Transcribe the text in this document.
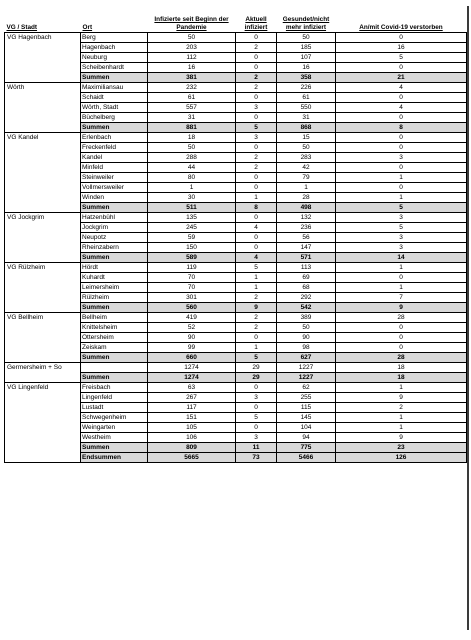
VG / Stadt	Ort	Infizierte seit Beginn der Pandemie	Aktuell infiziert	Gesundet/nicht mehr infiziert	An/mit Covid-19 verstorben
VG Hagenbach	Berg	50	0	50	0
	Hagenbach	203	2	185	16
	Neuburg	112	0	107	5
	Scheibenhardt	16	0	16	0
	Summen	381	2	358	21
Wörth	Maximiliansau	232	2	226	4
	Schaidt	61	0	61	0
	Wörth, Stadt	557	3	550	4
	Büchelberg	31	0	31	0
	Summen	881	5	868	8
VG Kandel	Erlenbach	18	3	15	0
	Freckenfeld	50	0	50	0
	Kandel	288	2	283	3
	Minfeld	44	2	42	0
	Steinweiler	80	0	79	1
	Vollmersweiler	1	0	1	0
	Winden	30	1	28	1
	Summen	511	8	498	5
VG Jockgrim	Hatzenbühl	135	0	132	3
	Jockgrim	245	4	236	5
	Neupotz	59	0	56	3
	Rheinzabern	150	0	147	3
	Summen	589	4	571	14
VG Rülzheim	Hördt	119	5	113	1
	Kuhardt	70	1	69	0
	Leimersheim	70	1	68	1
	Rülzheim	301	2	292	7
	Summen	560	9	542	9
VG Bellheim	Bellheim	419	2	389	28
	Knittelsheim	52	2	50	0
	Ottersheim	90	0	90	0
	Zeiskam	99	1	98	0
	Summen	660	5	627	28
Germersheim + So		1274	29	1227	18
	Summen	1274	29	1227	18
VG Lingenfeld	Freisbach	63	0	62	1
	Lingenfeld	267	3	255	9
	Lustadt	117	0	115	2
	Schwegenheim	151	5	145	1
	Weingarten	105	0	104	1
	Westheim	106	3	94	9
	Summen	809	11	775	23
	Endsummen	5665	73	5466	126
